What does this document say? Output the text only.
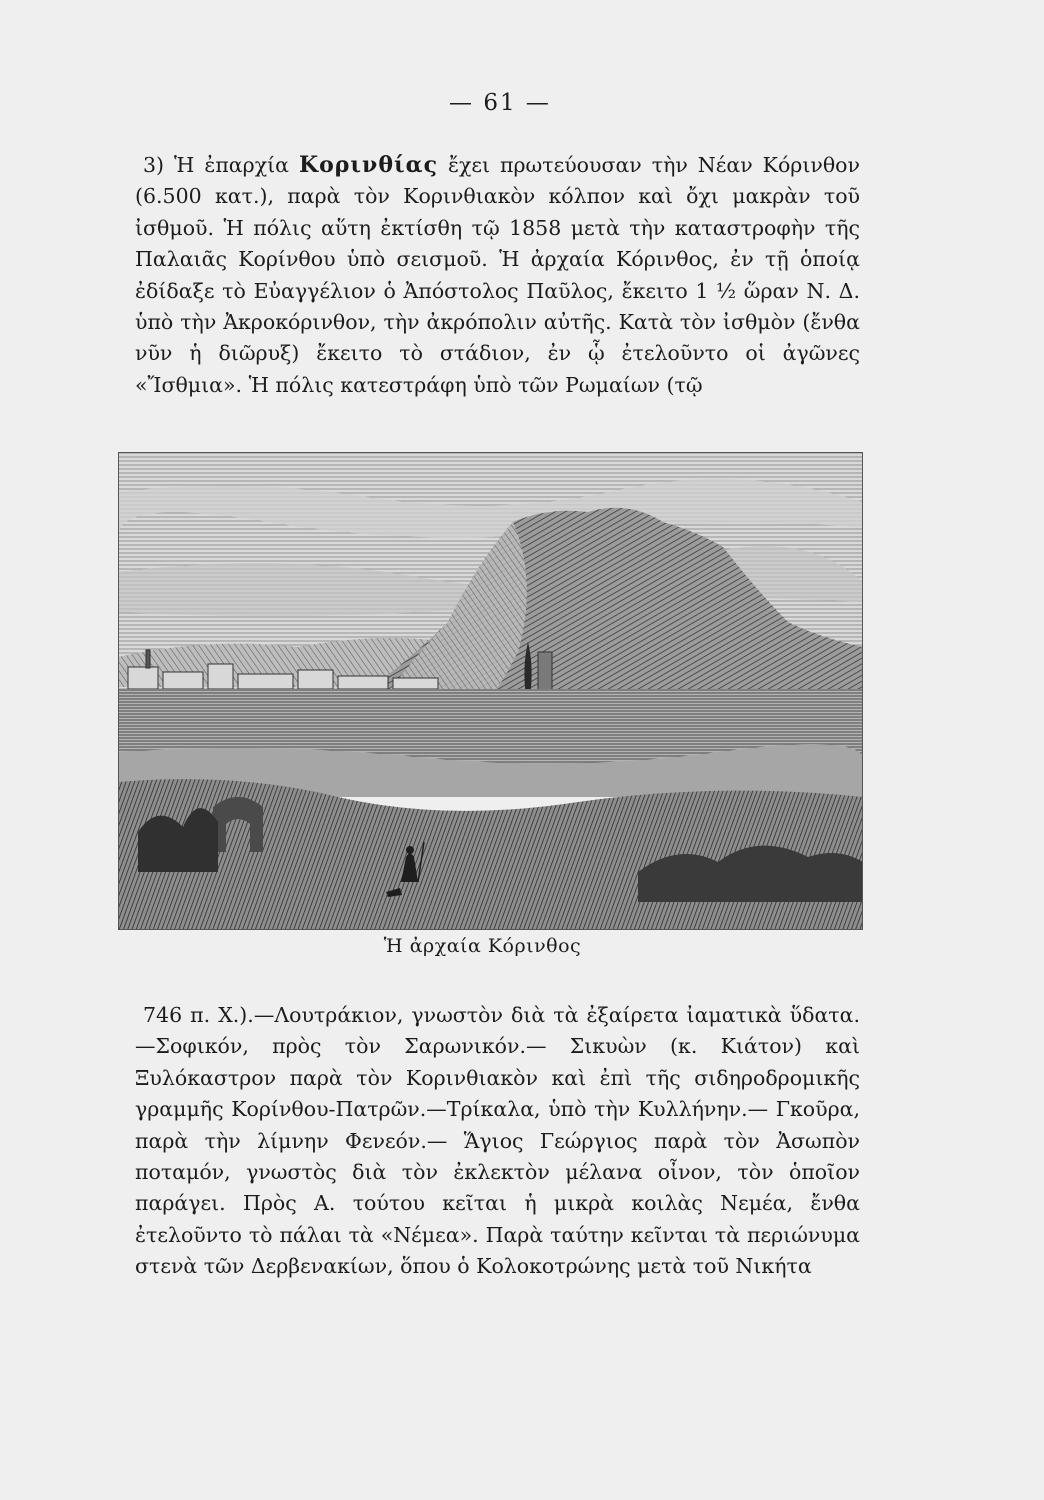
— 61 —

3) Ἡ ἐπαρχία Κορινθίας ἔχει πρωτεύουσαν τὴν Νέαν Κόρινθον (6.500 κατ.), παρὰ τὸν Κορινθιακὸν κόλπον καὶ ὄχι μακρὰν τοῦ ἰσθμοῦ. Ἡ πόλις αὕτη ἐκτίσθη τῷ 1858 μετὰ τὴν καταστροφὴν τῆς Παλαιᾶς Κορίνθου ὑπὸ σεισμοῦ. Ἡ ἀρχαία Κόρινθος, ἐν τῇ ὁποίᾳ ἐδίδαξε τὸ Εὐαγγέλιον ὁ Ἀπόστολος Παῦλος, ἔκειτο 1 ½ ὥραν Ν. Δ. ὑπὸ τὴν Ἀκροκόρινθον, τὴν ἀκρόπολιν αὐτῆς. Κατὰ τὸν ἰσθμὸν (ἔνθα νῦν ἡ διῶρυξ) ἔκειτο τὸ στάδιον, ἐν ᾧ ἐτελοῦντο οἱ ἀγῶνες «Ἴσθμια». Ἡ πόλις κατεστράφη ὑπὸ τῶν Ρωμαίων (τῷ

Ἡ ἀρχαία Κόρινθος

746 π. Χ.).—Λουτράκιον, γνωστὸν διὰ τὰ ἐξαίρετα ἰαματικὰ ὕδατα. —Σοφικόν, πρὸς τὸν Σαρωνικόν.— Σικυὼν (κ. Κιάτον) καὶ Ξυλόκαστρον παρὰ τὸν Κορινθιακὸν καὶ ἐπὶ τῆς σιδηροδρομικῆς γραμμῆς Κορίνθου-Πατρῶν.—Τρίκαλα, ὑπὸ τὴν Κυλλήνην.— Γκοῦρα, παρὰ τὴν λίμνην Φενεόν.— Ἅγιος Γεώργιος παρὰ τὸν Ἀσωπὸν ποταμόν, γνωστὸς διὰ τὸν ἐκλεκτὸν μέλανα οἶνον, τὸν ὁποῖον παράγει. Πρὸς Α. τούτου κεῖται ἡ μικρὰ κοιλὰς Νεμέα, ἔνθα ἐτελοῦντο τὸ πάλαι τὰ «Νέμεα». Παρὰ ταύτην κεῖνται τὰ περιώνυμα στενὰ τῶν Δερβενακίων, ὅπου ὁ Κολοκοτρώνης μετὰ τοῦ Νικήτα
